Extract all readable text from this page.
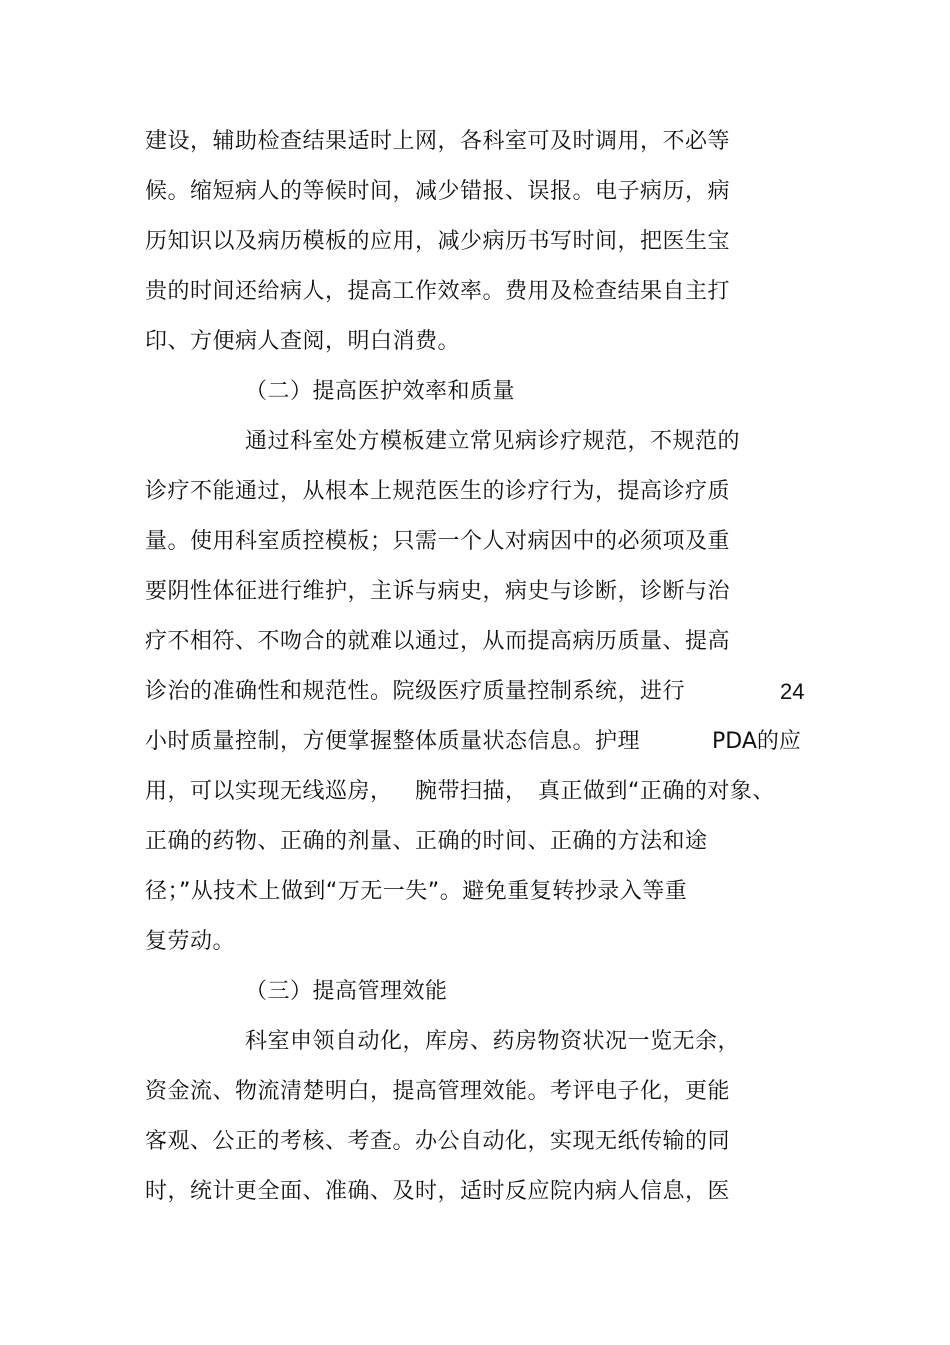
建设，辅助检查结果适时上网，各科室可及时调用，不必等
候。缩短病人的等候时间，减少错报、误报。电子病历，病
历知识以及病历模板的应用，减少病历书写时间，把医生宝
贵的时间还给病人，提高工作效率。费用及检查结果自主打
印、方便病人查阅，明白消费。
（二）提高医护效率和质量
通过科室处方模板建立常见病诊疗规范，不规范的
诊疗不能通过，从根本上规范医生的诊疗行为，提高诊疗质
量。使用科室质控模板；只需一个人对病因中的必须项及重
要阴性体征进行维护，主诉与病史，病史与诊断，诊断与治
疗不相符、不吻合的就难以通过，从而提高病历质量、提高
诊治的准确性和规范性。院级医疗质量控制系统，进行	24
小时质量控制，方便掌握整体质量状态信息。护理	PDA的应
用，可以实现无线巡房， 腕带扫描， 真正做到“正确的对象、
正确的药物、正确的剂量、正确的时间、正确的方法和途
径；”从技术上做到“万无一失”。避免重复转抄录入等重
复劳动。
（三）提高管理效能
科室申领自动化，库房、药房物资状况一览无余，
资金流、物流清楚明白，提高管理效能。考评电子化，更能
客观、公正的考核、考查。办公自动化，实现无纸传输的同
时，统计更全面、准确、及时，适时反应院内病人信息，医
